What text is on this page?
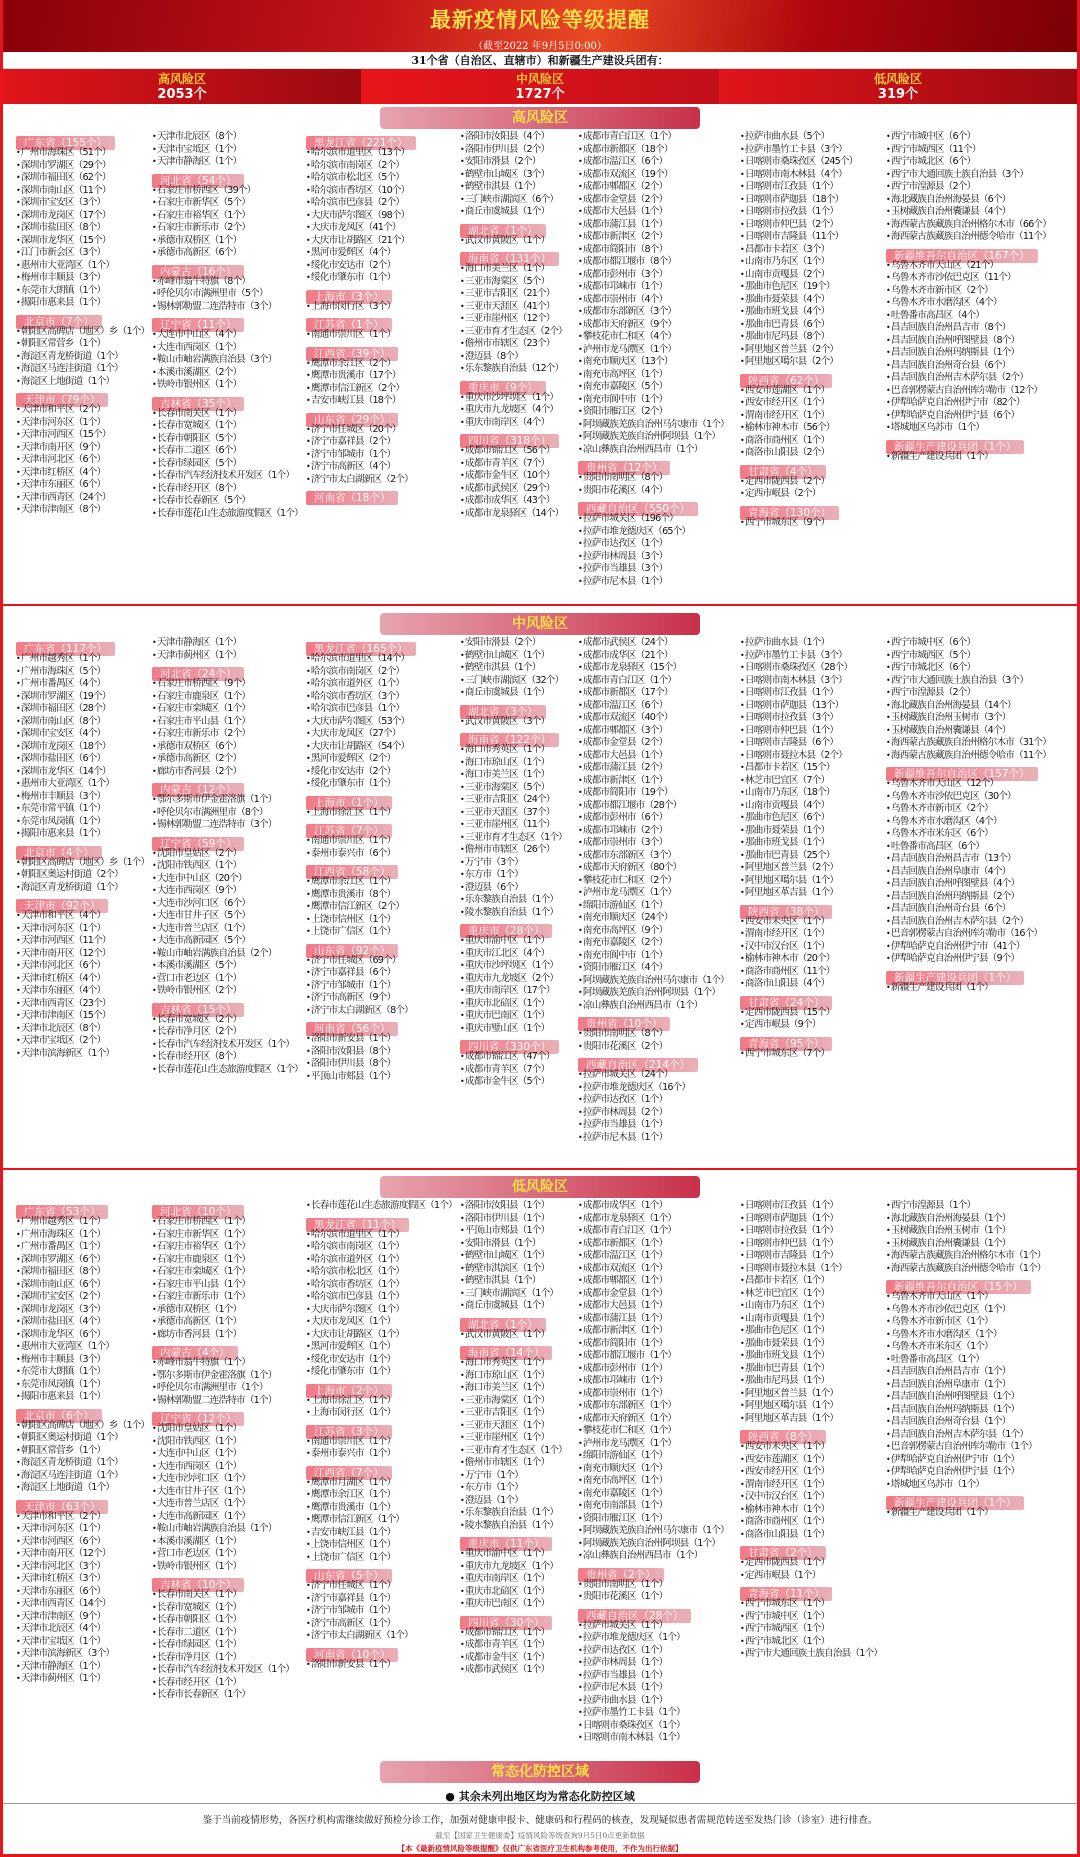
最新疫情风险等级提醒
（截至2022 年9月5日0:00）
31个省（自治区、直辖市）和新疆生产建设兵团有：
高风险区
2053个
中风险区
1727个
低风险区
319个
高风险区
广东省（155个）
• 广州市海珠区（51个）
• 深圳市罗湖区（29个）
• 深圳市福田区（62个）
• 深圳市南山区（11个）
• 深圳市宝安区（3个）
• 深圳市龙岗区（17个）
• 深圳市盐田区（8个）
• 深圳市龙华区（15个）
• 江门市新会区（3个）
• 惠州市大亚湾区（1个）
• 梅州市丰顺县（3个）
• 东莞市大朗镇（1个）
• 揭阳市惠来县（1个）
北京市（7个）
• 朝阳区高碑店（地区）乡（1个）
• 朝阳区常营乡（1个）
• 海淀区青龙桥街道（1个）
• 海淀区马连洼街道（1个）
• 海淀区上地街道（1个）
天津市（79个）
• 天津市和平区（2个）
• 天津市河东区（1个）
• 天津市河西区（15个）
• 天津市南开区（9个）
• 天津市河北区（6个）
• 天津市红桥区（4个）
• 天津市东丽区（6个）
• 天津市西青区（24个）
• 天津市津南区（8个）
• 天津市北辰区（8个）
• 天津市宝坻区（1个）
• 天津市静海区（1个）
河北省（54个）
• 石家庄市桥西区（39个）
• 石家庄市新华区（5个）
• 石家庄市裕华区（1个）
• 石家庄市新乐市（2个）
• 承德市双桥区（1个）
• 承德市高新区（6个）
内蒙古（16个）
• 赤峰市翁牛特旗（8个）
• 呼伦贝尔市满洲里市（5个）
• 锡林郭勒盟二连浩特市（3个）
辽宁省（11个）
• 大连市中山区（4个）
• 大连市西岗区（1个）
• 鞍山市岫岩满族自治县（3个）
• 本溪市溪湖区（2个）
• 铁岭市银州区（1个）
吉林省（35个）
• 长春市南关区（1个）
• 长春市宽城区（1个）
• 长春市朝阳区（5个）
• 长春市二道区（6个）
• 长春市绿园区（5个）
• 长春市汽车经济技术开发区（1个）
• 长春市经开区（8个）
• 长春市长春新区（5个）
• 长春市莲花山生态旅游度假区（1个）
黑龙江省（221个）
• 哈尔滨市道里区（13个）
• 哈尔滨市南岗区（2个）
• 哈尔滨市松北区（5个）
• 哈尔滨市香坊区（10个）
• 哈尔滨市巴彦县（2个）
• 大庆市萨尔图区（98个）
• 大庆市龙凤区（41个）
• 大庆市让胡路区（21个）
• 黑河市爱辉区（4个）
• 绥化市安达市（2个）
• 绥化市肇东市（1个）
上海市（3个）
• 上海市闵行区（3个）
江苏省（1个）
• 南通市崇川区（1个）
江西省（39个）
• 鹰潭市余江区（2个）
• 鹰潭市贵溪市（17个）
• 鹰潭市信江新区（2个）
• 吉安市峡江县（18个）
山东省（29个）
• 济宁市任城区（20个）
• 济宁市嘉祥县（2个）
• 济宁市邹城市（1个）
• 济宁市高新区（4个）
• 济宁市太白湖新区（2个）
河南省（18个）
• 洛阳市汝阳县（4个）
• 洛阳市伊川县（2个）
• 安阳市滑县（2个）
• 鹤壁市山城区（3个）
• 鹤壁市淇县（1个）
• 三门峡市湖滨区（6个）
• 商丘市虞城县（1个）
湖北省（1个）
• 武汉市黄陂区（1个）
海南省（131个）
• 海口市美兰区（1个）
• 三亚市海棠区（5个）
• 三亚市吉阳区（21个）
• 三亚市天涯区（41个）
• 三亚市崖州区（12个）
• 三亚市育才生态区（2个）
• 儋州市市辖区（23个）
• 澄迈县（8个）
• 乐东黎族自治县（12个）
重庆市（9个）
• 重庆市沙坪坝区（1个）
• 重庆市九龙坡区（4个）
• 重庆市南岸区（4个）
四川省（318个）
• 成都市锦江区（56个）
• 成都市青羊区（7个）
• 成都市金牛区（10个）
• 成都市武侯区（29个）
• 成都市成华区（43个）
• 成都市龙泉驿区（14个）
• 成都市青白江区（1个）
• 成都市新都区（18个）
• 成都市温江区（6个）
• 成都市双流区（19个）
• 成都市郫都区（2个）
• 成都市金堂县（2个）
• 成都市大邑县（1个）
• 成都市蒲江县（1个）
• 成都市新津区（2个）
• 成都市简阳市（8个）
• 成都市都江堰市（8个）
• 成都市彭州市（3个）
• 成都市邛崃市（1个）
• 成都市崇州市（4个）
• 成都市东部新区（3个）
• 成都市天府新区（9个）
• 攀枝花市仁和区（4个）
• 泸州市龙马潭区（1个）
• 南充市顺庆区（13个）
• 南充市高坪区（1个）
• 南充市嘉陵区（5个）
• 南充市阆中市（1个）
• 资阳市雁江区（2个）
• 阿坝藏族羌族自治州马尔康市（1个）
• 阿坝藏族羌族自治州阿坝县（1个）
• 凉山彝族自治州西昌市（1个）
贵州省（12个）
• 贵阳市南明区（8个）
• 贵阳市花溪区（4个）
西藏自治区（550个）
• 拉萨市城关区（196个）
• 拉萨市堆龙德庆区（65个）
• 拉萨市达孜区（1个）
• 拉萨市林周县（3个）
• 拉萨市当雄县（3个）
• 拉萨市尼木县（1个）
• 拉萨市曲水县（5个）
• 拉萨市墨竹工卡县（3个）
• 日喀则市桑珠孜区（245个）
• 日喀则市南木林县（4个）
• 日喀则市江孜县（1个）
• 日喀则市萨迦县（18个）
• 日喀则市拉孜县（1个）
• 日喀则市仲巴县（2个）
• 日喀则市吉隆县（11个）
• 昌都市卡若区（3个）
• 山南市乃东区（1个）
• 山南市贡嘎县（2个）
• 那曲市色尼区（19个）
• 那曲市聂荣县（4个）
• 那曲市班戈县（4个）
• 那曲市巴青县（6个）
• 那曲市尼玛县（8个）
• 阿里地区普兰县（2个）
• 阿里地区噶尔县（2个）
陕西省（62个）
• 西安市莲湖区（1个）
• 西安市经开区（1个）
• 渭南市经开区（1个）
• 榆林市神木市（56个）
• 商洛市商州区（1个）
• 商洛市山阳县（2个）
甘肃省（4个）
• 定西市陇西县（2个）
• 定西市岷县（2个）
青海省（130个）
• 西宁市城东区（9个）
• 西宁市城中区（6个）
• 西宁市城西区（11个）
• 西宁市城北区（6个）
• 西宁市大通回族土族自治县（3个）
• 西宁市湟源县（2个）
• 海北藏族自治州海晏县（6个）
• 玉树藏族自治州囊谦县（4个）
• 海西蒙古族藏族自治州格尔木市（66个）
• 海西蒙古族藏族自治州德令哈市（11个）
新疆维吾尔自治区（167个）
• 乌鲁木齐市天山区（21个）
• 乌鲁木齐市沙依巴克区（11个）
• 乌鲁木齐市新市区（2个）
• 乌鲁木齐市水磨沟区（4个）
• 吐鲁番市高昌区（4个）
• 昌吉回族自治州昌吉市（8个）
• 昌吉回族自治州呼图壁县（8个）
• 昌吉回族自治州玛纳斯县（1个）
• 昌吉回族自治州奇台县（6个）
• 昌吉回族自治州吉木萨尔县（2个）
• 巴音郭楞蒙古自治州库尔勒市（12个）
• 伊犁哈萨克自治州伊宁市（82个）
• 伊犁哈萨克自治州伊宁县（6个）
• 塔城地区乌苏市（1个）
新疆生产建设兵团（1个）
• 新疆生产建设兵团（1个）
中风险区
广东省（117个）
• 广州市越秀区（1个）
• 广州市海珠区（5个）
• 广州市番禺区（4个）
• 深圳市罗湖区（19个）
• 深圳市福田区（28个）
• 深圳市南山区（8个）
• 深圳市宝安区（4个）
• 深圳市龙岗区（18个）
• 深圳市盐田区（6个）
• 深圳市龙华区（14个）
• 惠州市大亚湾区（1个）
• 梅州市丰顺县（3个）
• 东莞市常平镇（1个）
• 东莞市凤岗镇（1个）
• 揭阳市惠来县（1个）
北京市（4个）
• 朝阳区高碑店（地区）乡（1个）
• 朝阳区奥运村街道（2个）
• 海淀区青龙桥街道（1个）
天津市（92个）
• 天津市和平区（4个）
• 天津市河东区（1个）
• 天津市河西区（11个）
• 天津市南开区（12个）
• 天津市河北区（6个）
• 天津市红桥区（4个）
• 天津市东丽区（4个）
• 天津市西青区（23个）
• 天津市津南区（15个）
• 天津市北辰区（8个）
• 天津市宝坻区（2个）
• 天津市滨海新区（1个）
• 天津市静海区（1个）
• 天津市蓟州区（1个）
河北省（24个）
• 石家庄市桥西区（9个）
• 石家庄市鹿泉区（1个）
• 石家庄市栾城区（1个）
• 石家庄市平山县（1个）
• 石家庄市新乐市（2个）
• 承德市双桥区（6个）
• 承德市高新区（2个）
• 廊坊市香河县（2个）
内蒙古（12个）
• 鄂尔多斯市伊金霍洛旗（1个）
• 呼伦贝尔市满洲里市（8个）
• 锡林郭勒盟二连浩特市（3个）
辽宁省（59个）
• 沈阳市皇姑区（2个）
• 沈阳市铁西区（1个）
• 大连市中山区（20个）
• 大连市西岗区（9个）
• 大连市沙河口区（6个）
• 大连市甘井子区（5个）
• 大连市普兰店区（1个）
• 大连市高新园区（5个）
• 鞍山市岫岩满族自治县（2个）
• 本溪市溪湖区（5个）
• 营口市老边区（1个）
• 铁岭市银州区（2个）
吉林省（15个）
• 长春市宽城区（2个）
• 长春市净月区（2个）
• 长春市汽车经济技术开发区（1个）
• 长春市经开区（8个）
• 长春市莲花山生态旅游度假区（1个）
黑龙江省（165个）
• 哈尔滨市道里区（14个）
• 哈尔滨市南岗区（2个）
• 哈尔滨市道外区（1个）
• 哈尔滨市香坊区（3个）
• 哈尔滨市巴彦县（1个）
• 大庆市萨尔图区（53个）
• 大庆市龙凤区（27个）
• 大庆市让胡路区（54个）
• 黑河市爱辉区（2个）
• 绥化市安达市（2个）
• 绥化市肇东市（1个）
上海市（1个）
• 上海市徐汇区（1个）
江苏省（7个）
• 南通市崇川区（1个）
• 泰州市泰兴市（6个）
江西省（58个）
• 鹰潭市余江区（1个）
• 鹰潭市贵溪市（8个）
• 鹰潭市信江新区（2个）
• 上饶市信州区（1个）
• 上饶市广信区（1个）
山东省（92个）
• 济宁市任城区（69个）
• 济宁市嘉祥县（6个）
• 济宁市邹城市（1个）
• 济宁市高新区（9个）
• 济宁市太白湖新区（8个）
河南省（56个）
• 洛阳市新安县（1个）
• 洛阳市汝阳县（8个）
• 洛阳市伊川县（8个）
• 平顶山市郏县（1个）
• 安阳市滑县（2个）
• 鹤壁市山城区（1个）
• 鹤壁市淇县（1个）
• 三门峡市湖滨区（32个）
• 商丘市虞城县（1个）
湖北省（3个）
• 武汉市黄陂区（3个）
海南省（122个）
• 海口市秀英区（1个）
• 海口市琼山区（1个）
• 海口市美兰区（1个）
• 三亚市海棠区（5个）
• 三亚市吉阳区（24个）
• 三亚市天涯区（37个）
• 三亚市崖州区（11个）
• 三亚市育才生态区（1个）
• 儋州市市辖区（26个）
• 万宁市（3个）
• 东方市（1个）
• 澄迈县（6个）
• 乐东黎族自治县（1个）
• 陵水黎族自治县（1个）
重庆市（28个）
• 重庆市渝中区（1个）
• 重庆市江北区（4个）
• 重庆市沙坪坝区（1个）
• 重庆市九龙坡区（2个）
• 重庆市南岸区（17个）
• 重庆市北碚区（1个）
• 重庆市巴南区（1个）
• 重庆市璧山区（1个）
四川省（330个）
• 成都市锦江区（47个）
• 成都市青羊区（7个）
• 成都市金牛区（5个）
• 成都市武侯区（24个）
• 成都市成华区（21个）
• 成都市龙泉驿区（15个）
• 成都市青白江区（1个）
• 成都市新都区（17个）
• 成都市温江区（6个）
• 成都市双流区（40个）
• 成都市郫都区（3个）
• 成都市金堂县（2个）
• 成都市大邑县（1个）
• 成都市蒲江县（2个）
• 成都市新津区（1个）
• 成都市简阳市（19个）
• 成都市都江堰市（28个）
• 成都市彭州市（6个）
• 成都市邛崃市（2个）
• 成都市崇州市（3个）
• 成都市东部新区（3个）
• 成都市天府新区（80个）
• 攀枝花市仁和区（2个）
• 泸州市龙马潭区（1个）
• 绵阳市游仙区（1个）
• 南充市顺庆区（24个）
• 南充市高坪区（9个）
• 南充市嘉陵区（2个）
• 南充市阆中市（1个）
• 资阳市雁江区（4个）
• 阿坝藏族羌族自治州马尔康市（1个）
• 阿坝藏族羌族自治州阿坝县（1个）
• 凉山彝族自治州西昌市（1个）
贵州省（10个）
• 贵阳市南明区（8个）
• 贵阳市花溪区（2个）
西藏自治区（214个）
• 拉萨市城关区（24个）
• 拉萨市堆龙德庆区（16个）
• 拉萨市达孜区（1个）
• 拉萨市林周县（2个）
• 拉萨市当雄县（1个）
• 拉萨市尼木县（1个）
• 拉萨市曲水县（1个）
• 拉萨市墨竹工卡县（3个）
• 日喀则市桑珠孜区（28个）
• 日喀则市南木林县（3个）
• 日喀则市江孜县（1个）
• 日喀则市萨迦县（13个）
• 日喀则市拉孜县（3个）
• 日喀则市仲巴县（1个）
• 日喀则市吉隆县（6个）
• 日喀则市聂拉木县（2个）
• 昌都市卡若区（15个）
• 林芝市巴宜区（7个）
• 山南市乃东区（18个）
• 山南市贡嘎县（4个）
• 那曲市色尼区（6个）
• 那曲市聂荣县（1个）
• 那曲市班戈县（1个）
• 那曲市巴青县（25个）
• 阿里地区普兰县（2个）
• 阿里地区噶尔县（1个）
• 阿里地区革吉县（1个）
陕西省（38个）
• 西安市未央区（1个）
• 渭南市经开区（1个）
• 汉中市汉台区（1个）
• 榆林市神木市（20个）
• 商洛市商州区（11个）
• 商洛市山阳县（4个）
甘肃省（24个）
• 定西市陇西县（15个）
• 定西市岷县（9个）
青海省（95个）
• 西宁市城东区（7个）
• 西宁市城中区（6个）
• 西宁市城西区（5个）
• 西宁市城北区（6个）
• 西宁市大通回族土族自治县（3个）
• 西宁市湟源县（2个）
• 海北藏族自治州海晏县（14个）
• 玉树藏族自治州玉树市（3个）
• 玉树藏族自治州囊谦县（4个）
• 海西蒙古族藏族自治州格尔木市（31个）
• 海西蒙古族藏族自治州德令哈市（11个）
新疆维吾尔自治区（157个）
• 乌鲁木齐市天山区（12个）
• 乌鲁木齐市沙依巴克区（30个）
• 乌鲁木齐市新市区（2个）
• 乌鲁木齐市水磨沟区（4个）
• 乌鲁木齐市米东区（6个）
• 吐鲁番市高昌区（6个）
• 昌吉回族自治州昌吉市（13个）
• 昌吉回族自治州阜康市（4个）
• 昌吉回族自治州呼图壁县（4个）
• 昌吉回族自治州玛纳斯县（2个）
• 昌吉回族自治州奇台县（6个）
• 昌吉回族自治州吉木萨尔县（2个）
• 巴音郭楞蒙古自治州库尔勒市（16个）
• 伊犁哈萨克自治州伊宁市（41个）
• 伊犁哈萨克自治州伊宁县（9个）
新疆生产建设兵团（1个）
• 新疆生产建设兵团（1个）
低风险区
广东省（53个）
• 广州市越秀区（1个）
• 广州市海珠区（1个）
• 广州市番禺区（1个）
• 深圳市罗湖区（6个）
• 深圳市福田区（8个）
• 深圳市南山区（6个）
• 深圳市宝安区（2个）
• 深圳市龙岗区（3个）
• 深圳市盐田区（4个）
• 深圳市龙华区（6个）
• 惠州市大亚湾区（1个）
• 梅州市丰顺县（3个）
• 东莞市大朗镇（1个）
• 东莞市凤岗镇（1个）
• 揭阳市惠来县（1个）
北京市（6个）
• 朝阳区高碑店（地区）乡（1个）
• 朝阳区奥运村街道（1个）
• 朝阳区常营乡（1个）
• 海淀区青龙桥街道（1个）
• 海淀区马连洼街道（1个）
• 海淀区上地街道（1个）
天津市（63个）
• 天津市和平区（2个）
• 天津市河东区（1个）
• 天津市河西区（6个）
• 天津市南开区（12个）
• 天津市河北区（3个）
• 天津市红桥区（3个）
• 天津市东丽区（6个）
• 天津市西青区（14个）
• 天津市津南区（9个）
• 天津市北辰区（4个）
• 天津市宝坻区（1个）
• 天津市滨海新区（3个）
• 天津市静海区（1个）
• 天津市蓟州区（1个）
河北省（10个）
• 石家庄市桥西区（1个）
• 石家庄市新华区（1个）
• 石家庄市裕华区（1个）
• 石家庄市鹿泉区（1个）
• 石家庄市栾城区（1个）
• 石家庄市平山县（1个）
• 石家庄市新乐市（1个）
• 承德市双桥区（1个）
• 承德市高新区（1个）
• 廊坊市香河县（1个）
内蒙古（4个）
• 赤峰市翁牛特旗（1个）
• 鄂尔多斯市伊金霍洛旗（1个）
• 呼伦贝尔市满洲里市（1个）
• 锡林郭勒盟二连浩特市（1个）
辽宁省（12个）
• 沈阳市皇姑区（1个）
• 沈阳市铁西区（1个）
• 大连市中山区（1个）
• 大连市西岗区（1个）
• 大连市沙河口区（1个）
• 大连市甘井子区（1个）
• 大连市普兰店区（1个）
• 大连市高新园区（1个）
• 鞍山市岫岩满族自治县（1个）
• 本溪市溪湖区（1个）
• 营口市老边区（1个）
• 铁岭市银州区（1个）
吉林省（10个）
• 长春市南关区（1个）
• 长春市宽城区（1个）
• 长春市朝阳区（1个）
• 长春市二道区（1个）
• 长春市绿园区（1个）
• 长春市净月区（1个）
• 长春市汽车经济技术开发区（1个）
• 长春市经开区（1个）
• 长春市长春新区（1个）
• 长春市莲花山生态旅游度假区（1个）
黑龙江省（11个）
• 哈尔滨市道里区（1个）
• 哈尔滨市南岗区（1个）
• 哈尔滨市道外区（1个）
• 哈尔滨市松北区（1个）
• 哈尔滨市香坊区（1个）
• 哈尔滨市巴彦县（1个）
• 大庆市萨尔图区（1个）
• 大庆市龙凤区（1个）
• 大庆市让胡路区（1个）
• 黑河市爱辉区（1个）
• 绥化市安达市（1个）
• 绥化市肇东市（1个）
上海市（2个）
• 上海市徐汇区（1个）
• 上海市闵行区（1个）
江苏省（3个）
• 南通市崇川区（1个）
• 泰州市泰兴市（1个）
江西省（7个）
• 鹰潭市月湖区（1个）
• 鹰潭市余江区（1个）
• 鹰潭市贵溪市（1个）
• 鹰潭市信江新区（1个）
• 吉安市峡江县（1个）
• 上饶市信州区（1个）
• 上饶市广信区（1个）
山东省（5个）
• 济宁市任城区（1个）
• 济宁市嘉祥县（1个）
• 济宁市邹城市（1个）
• 济宁市高新区（1个）
• 济宁市太白湖新区（1个）
河南省（10个）
• 洛阳市新安县（1个）
• 洛阳市汝阳县（1个）
• 洛阳市伊川县（1个）
• 平顶山市郏县（1个）
• 安阳市滑县（1个）
• 鹤壁市山城区（1个）
• 鹤壁市淇滨区（1个）
• 鹤壁市淇县（1个）
• 三门峡市湖滨区（1个）
• 商丘市虞城县（1个）
湖北省（1个）
• 武汉市黄陂区（1个）
海南省（14个）
• 海口市秀英区（1个）
• 海口市琼山区（1个）
• 海口市美兰区（1个）
• 三亚市海棠区（1个）
• 三亚市吉阳区（1个）
• 三亚市天涯区（1个）
• 三亚市崖州区（1个）
• 三亚市育才生态区（1个）
• 儋州市市辖区（1个）
• 万宁市（1个）
• 东方市（1个）
• 澄迈县（1个）
• 乐东黎族自治县（1个）
• 陵水黎族自治县（1个）
重庆市（11个）
• 重庆市渝中区（1个）
• 重庆市九龙坡区（1个）
• 重庆市南岸区（1个）
• 重庆市北碚区（1个）
• 重庆市巴南区（1个）
四川省（30个）
• 成都市锦江区（1个）
• 成都市青羊区（1个）
• 成都市金牛区（1个）
• 成都市武侯区（1个）
• 成都市成华区（1个）
• 成都市龙泉驿区（1个）
• 成都市青白江区（1个）
• 成都市新都区（1个）
• 成都市温江区（1个）
• 成都市双流区（1个）
• 成都市郫都区（1个）
• 成都市金堂县（1个）
• 成都市大邑县（1个）
• 成都市蒲江县（1个）
• 成都市新津区（1个）
• 成都市简阳市（1个）
• 成都市都江堰市（1个）
• 成都市彭州市（1个）
• 成都市邛崃市（1个）
• 成都市崇州市（1个）
• 成都市东部新区（1个）
• 成都市天府新区（1个）
• 攀枝花市仁和区（1个）
• 泸州市龙马潭区（1个）
• 绵阳市游仙区（1个）
• 南充市顺庆区（1个）
• 南充市高坪区（1个）
• 南充市嘉陵区（1个）
• 南充市南部县（1个）
• 资阳市雁江区（1个）
• 阿坝藏族羌族自治州马尔康市（1个）
• 阿坝藏族羌族自治州阿坝县（1个）
• 凉山彝族自治州西昌市（1个）
贵州省（2个）
• 贵阳市南明区（1个）
• 贵阳市花溪区（1个）
西藏自治区（28个）
• 拉萨市城关区（1个）
• 拉萨市堆龙德庆区（1个）
• 拉萨市达孜区（1个）
• 拉萨市林周县（1个）
• 拉萨市当雄县（1个）
• 拉萨市尼木县（1个）
• 拉萨市曲水县（1个）
• 拉萨市墨竹工卡县（1个）
• 日喀则市桑珠孜区（1个）
• 日喀则市南木林县（1个）
• 日喀则市江孜县（1个）
• 日喀则市萨迦县（1个）
• 日喀则市拉孜县（1个）
• 日喀则市仲巴县（1个）
• 日喀则市吉隆县（1个）
• 日喀则市聂拉木县（1个）
• 昌都市卡若区（1个）
• 林芝市巴宜区（1个）
• 山南市乃东区（1个）
• 山南市贡嘎县（1个）
• 那曲市色尼区（1个）
• 那曲市聂荣县（1个）
• 那曲市班戈县（1个）
• 那曲市巴青县（1个）
• 那曲市尼玛县（1个）
• 阿里地区普兰县（1个）
• 阿里地区噶尔县（1个）
• 阿里地区革吉县（1个）
陕西省（8个）
• 西安市未央区（1个）
• 西安市莲湖区（1个）
• 西安市经开区（1个）
• 渭南市经开区（1个）
• 汉中市汉台区（1个）
• 榆林市神木市（1个）
• 商洛市商州区（1个）
• 商洛市山阳县（1个）
甘肃省（2个）
• 定西市陇西县（1个）
• 定西市岷县（1个）
青海省（11个）
• 西宁市城东区（1个）
• 西宁市城中区（1个）
• 西宁市城西区（1个）
• 西宁市城北区（1个）
• 西宁市大通回族土族自治县（1个）
• 西宁市湟源县（1个）
• 海北藏族自治州海晏县（1个）
• 玉树藏族自治州玉树市（1个）
• 玉树藏族自治州囊谦县（1个）
• 海西蒙古族藏族自治州格尔木市（1个）
• 海西蒙古族藏族自治州德令哈市（1个）
新疆维吾尔自治区（15个）
• 乌鲁木齐市天山区（1个）
• 乌鲁木齐市沙依巴克区（1个）
• 乌鲁木齐市新市区（1个）
• 乌鲁木齐市水磨沟区（1个）
• 乌鲁木齐市米东区（1个）
• 吐鲁番市高昌区（1个）
• 昌吉回族自治州昌吉市（1个）
• 昌吉回族自治州阜康市（1个）
• 昌吉回族自治州呼图壁县（1个）
• 昌吉回族自治州玛纳斯县（1个）
• 昌吉回族自治州奇台县（1个）
• 昌吉回族自治州吉木萨尔县（1个）
• 巴音郭楞蒙古自治州库尔勒市（1个）
• 伊犁哈萨克自治州伊宁市（1个）
• 伊犁哈萨克自治州伊宁县（1个）
• 塔城地区乌苏市（1个）
新疆生产建设兵团（1个）
• 新疆生产建设兵团（1个）
常态化防控区域
● 其余未列出地区均为常态化防控区域
鉴于当前疫情形势，各医疗机构需继续做好预检分诊工作，加强对健康申报卡、健康码和行程码的核查，发现疑似患者需规范转送至发热门诊（诊室）进行排查。
截至【国家卫生健康委】疫情风险等级查询9月5日0点更新数据
【本《最新疫情风险等级提醒》仅供广东省医疗卫生机构参考使用，不作为出行依据】
